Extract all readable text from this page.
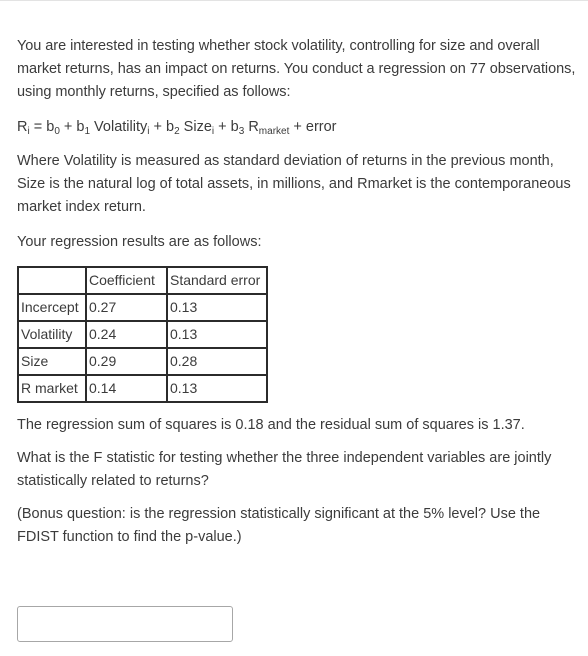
You are interested in testing whether stock volatility, controlling for size and overall market returns, has an impact on returns. You conduct a regression on 77 observations, using monthly returns, specified as follows:

$R_i = b_0 + b_1$ Volatility$_i$ + $b_2$ Size$_i$ + $b_3$ $R_{market}$ + error

Where Volatility is measured as standard deviation of returns in the previous month, Size is the natural log of total assets, in millions, and Rmarket is the contemporaneous market index return.

Your regression results are as follows:

	Coefficient	Standard error
Incercept	0.27	0.13
Volatility	0.24	0.13
Size	0.29	0.28
R market	0.14	0.13

The regression sum of squares is 0.18 and the residual sum of squares is 1.37.

What is the F statistic for testing whether the three independent variables are jointly statistically related to returns?

(Bonus question: is the regression statistically significant at the 5% level? Use the FDIST function to find the p-value.)
